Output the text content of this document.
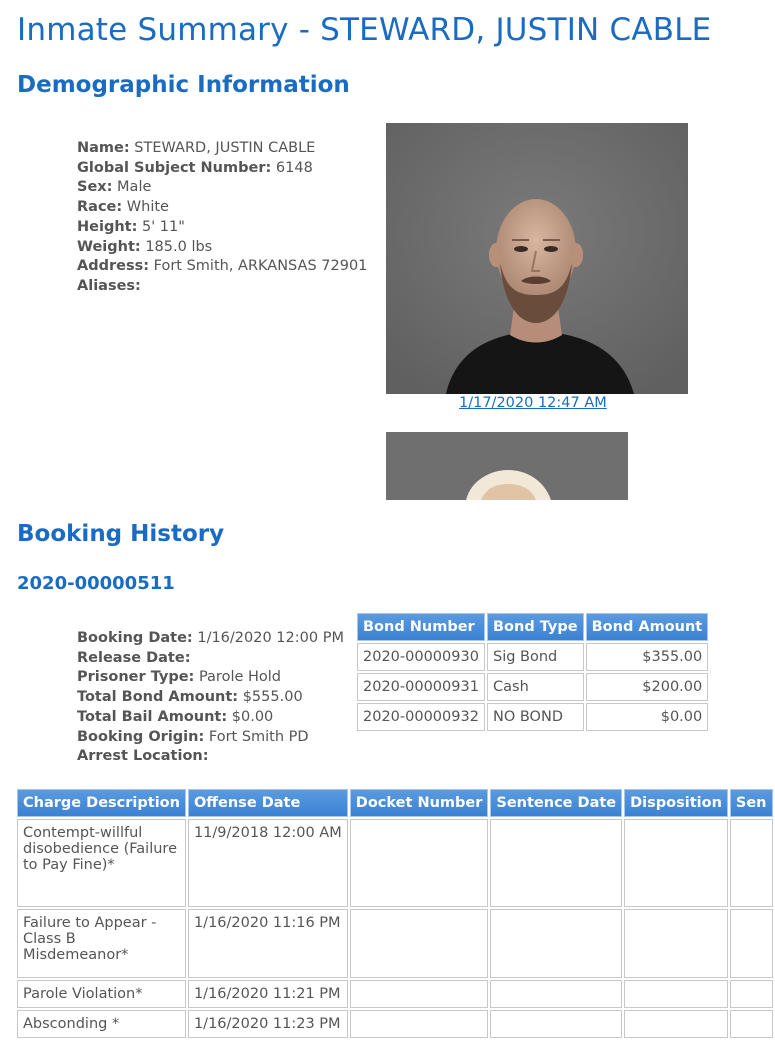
Inmate Summary - STEWARD, JUSTIN CABLE
Demographic Information
Name: STEWARD, JUSTIN CABLE
Global Subject Number: 6148
Sex: Male
Race: White
Height: 5' 11"
Weight: 185.0 lbs
Address: Fort Smith, ARKANSAS 72901
Aliases:
1/17/2020 12:47 AM
Booking History
2020-00000511
Booking Date: 1/16/2020 12:00 PM
Release Date:
Prisoner Type: Parole Hold
Total Bond Amount: $555.00
Total Bail Amount: $0.00
Booking Origin: Fort Smith PD
Arrest Location:
Bond Number	Bond Type	Bond Amount
2020-00000930	Sig Bond	$355.00
2020-00000931	Cash	$200.00
2020-00000932	NO BOND	$0.00
Charge Description	Offense Date	Docket Number	Sentence Date	Disposition	Sen
Contempt-willful disobedience (Failure to Pay Fine)*	11/9/2018 12:00 AM				
Failure to Appear - Class B Misdemeanor*	1/16/2020 11:16 PM				
Parole Violation*	1/16/2020 11:21 PM				
Absconding *	1/16/2020 11:23 PM				
